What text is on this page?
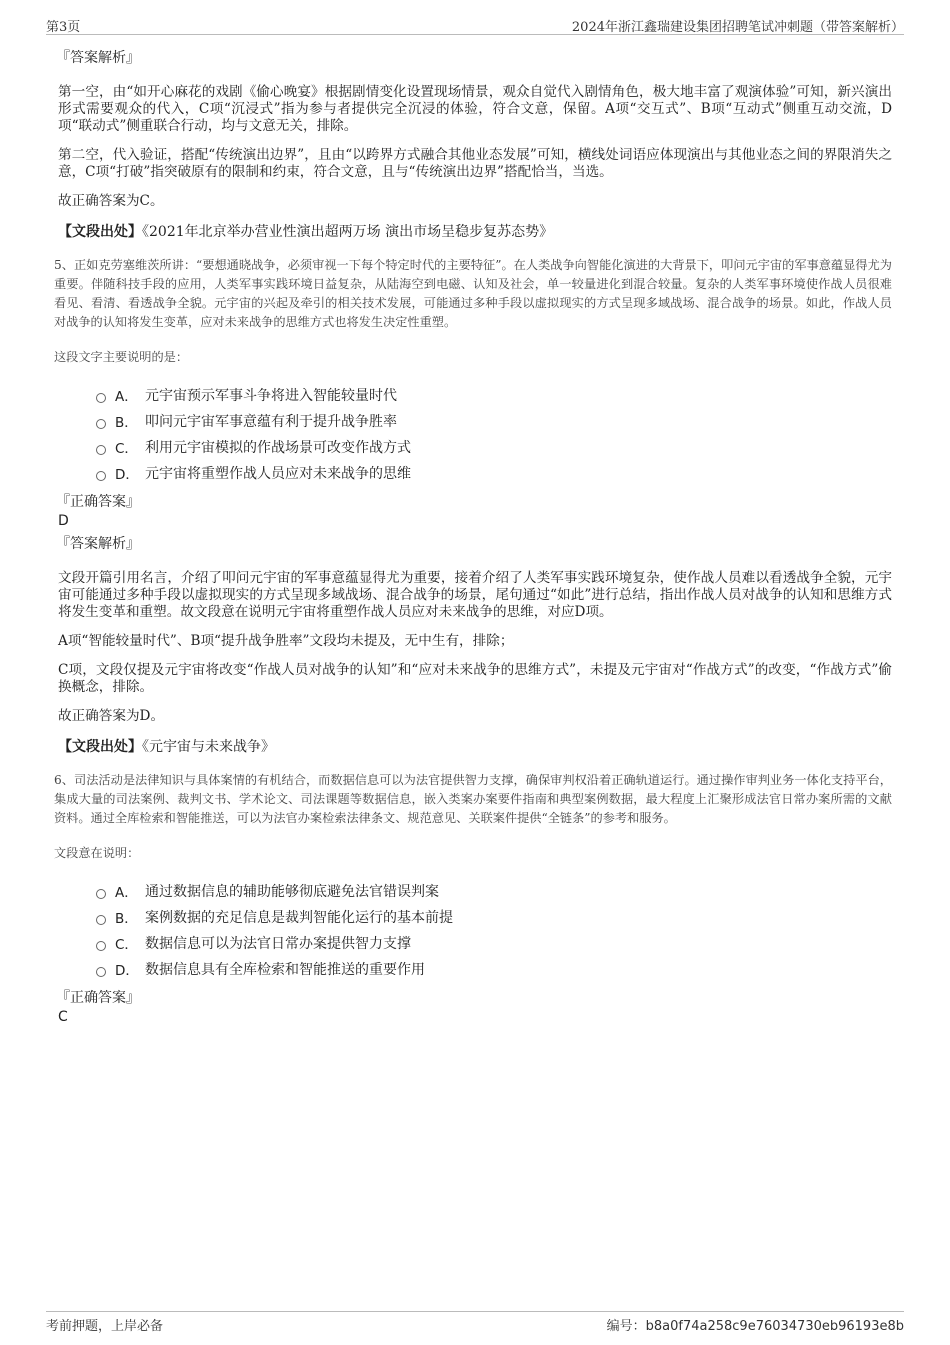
第3页	2024年浙江鑫瑞建设集团招聘笔试冲刺题（带答案解析）
『答案解析』

第一空，由“如开心麻花的戏剧《偷心晚宴》根据剧情变化设置现场情景，观众自觉代入剧情角色，极大地丰富了观演体验”可知，新兴演出形式需要观众的代入，C项“沉浸式”指为参与者提供完全沉浸的体验，符合文意，保留。A项“交互式”、B项“互动式”侧重互动交流，D项“联动式”侧重联合行动，均与文意无关，排除。

第二空，代入验证，搭配“传统演出边界”，且由“以跨界方式融合其他业态发展”可知，横线处词语应体现演出与其他业态之间的界限消失之意，C项“打破”指突破原有的限制和约束，符合文意，且与“传统演出边界”搭配恰当，当选。

故正确答案为C。

【文段出处】《2021年北京举办营业性演出超两万场 演出市场呈稳步复苏态势》

5、正如克劳塞维茨所讲：“要想通晓战争，必须审视一下每个特定时代的主要特征”。在人类战争向智能化演进的大背景下，叩问元宇宙的军事意蕴显得尤为重要。伴随科技手段的应用，人类军事实践环境日益复杂，从陆海空到电磁、认知及社会，单一较量进化到混合较量。复杂的人类军事环境使作战人员很难看见、看清、看透战争全貌。元宇宙的兴起及牵引的相关技术发展，可能通过多种手段以虚拟现实的方式呈现多域战场、混合战争的场景。如此，作战人员对战争的认知将发生变革，应对未来战争的思维方式也将发生决定性重塑。

这段文字主要说明的是：

A． 元宇宙预示军事斗争将进入智能较量时代
B． 叩问元宇宙军事意蕴有利于提升战争胜率
C． 利用元宇宙模拟的作战场景可改变作战方式
D． 元宇宙将重塑作战人员应对未来战争的思维
『正确答案』
D
『答案解析』

文段开篇引用名言，介绍了叩问元宇宙的军事意蕴显得尤为重要，接着介绍了人类军事实践环境复杂，使作战人员难以看透战争全貌，元宇宙可能通过多种手段以虚拟现实的方式呈现多域战场、混合战争的场景，尾句通过“如此”进行总结，指出作战人员对战争的认知和思维方式将发生变革和重塑。故文段意在说明元宇宙将重塑作战人员应对未来战争的思维，对应D项。

A项“智能较量时代”、B项“提升战争胜率”文段均未提及，无中生有，排除；

C项，文段仅提及元宇宙将改变“作战人员对战争的认知”和“应对未来战争的思维方式”，未提及元宇宙对“作战方式”的改变，“作战方式”偷换概念，排除。

故正确答案为D。

【文段出处】《元宇宙与未来战争》

6、司法活动是法律知识与具体案情的有机结合，而数据信息可以为法官提供智力支撑，确保审判权沿着正确轨道运行。通过操作审判业务一体化支持平台，集成大量的司法案例、裁判文书、学术论文、司法课题等数据信息，嵌入类案办案要件指南和典型案例数据，最大程度上汇聚形成法官日常办案所需的文献资料。通过全库检索和智能推送，可以为法官办案检索法律条文、规范意见、关联案件提供“全链条”的参考和服务。

文段意在说明：

A． 通过数据信息的辅助能够彻底避免法官错误判案
B． 案例数据的充足信息是裁判智能化运行的基本前提
C． 数据信息可以为法官日常办案提供智力支撑
D． 数据信息具有全库检索和智能推送的重要作用
『正确答案』
C
考前押题，上岸必备	编号：b8a0f74a258c9e76034730eb96193e8b
